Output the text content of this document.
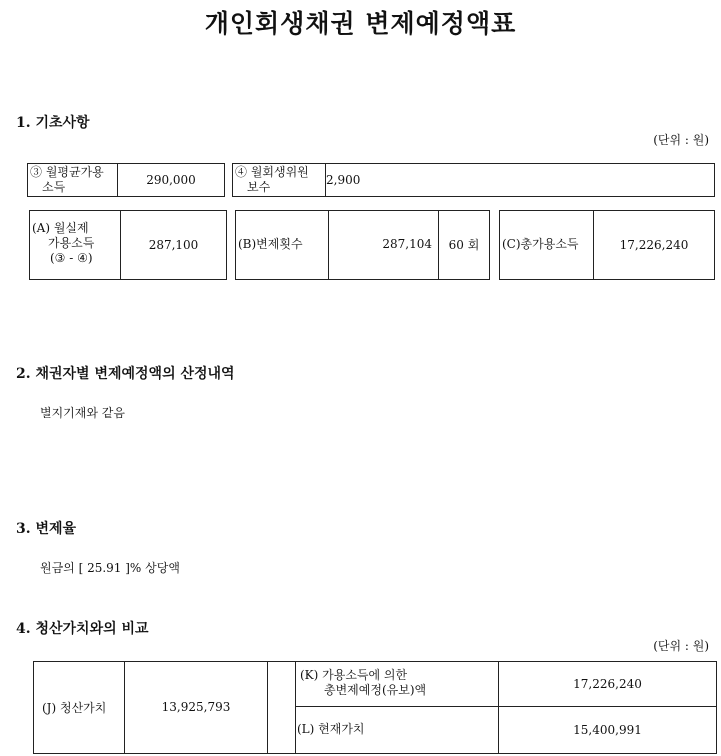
개인회생채권 변제예정액표
1. 기초사항
(단위 : 원)
③ 월평균가용
소득
290,000
④ 월회생위원
보수	2,900
(A) 월실제
가용소득
(③ - ④)
287,100	(B)변제횟수	287,104	60 회	(C)총가용소득	17,226,240
2. 채권자별 변제예정액의 산정내역
별지기재와 같음
3. 변제율
원금의 [ 25.91 ]% 상당액
4. 청산가치와의 비교
(단위 : 원)
(J) 청산가치	13,925,793
(K) 가용소득에 의한
총변제예정(유보)액	17,226,240
(L) 현재가치	15,400,991
